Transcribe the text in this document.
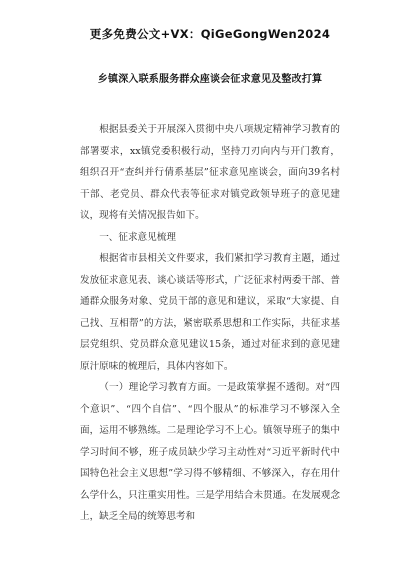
更多免费公文+VX：QiGeGongWen2024
乡镇深入联系服务群众座谈会征求意见及整改打算

根据县委关于开展深入贯彻中央八项规定精神学习教育的部署要求，xx镇党委积极行动，坚持刀刃向内与开门教育，组织召开“查纠并行倩系基层”征求意见座谈会，面向39名村干部、老党员、群众代表等征求对镇党政领导班子的意见建议，现将有关情况报告如下。

一、征求意见梳理

根据省市县相关文件要求，我们紧扣学习教育主题，通过发放征求意见表、谈心谈话等形式，广泛征求村两委干部、普通群众服务对象、党员干部的意见和建议，采取“大家提、自己找、互相帮”的方法，紧密联系思想和工作实际，共征求基层党组织、党员群众意见建议15条，通过对征求到的意见建原汁原味的梳理后，具体内容如下。

（一）理论学习教育方面。一是政策掌握不透彻。对“四个意识”、“四个自信”、“四个服从”的标准学习不够深入全面，运用不够熟练。二是理论学习不上心。镇领导班子的集中学习时间不够，班子成员缺少学习主动性对“习近平新时代中国特色社会主义思想”学习得不够精细、不够深入，存在用什么学什么，只注重实用性。三是学用结合未贯通。在发展观念上，缺乏全局的统筹思考和
